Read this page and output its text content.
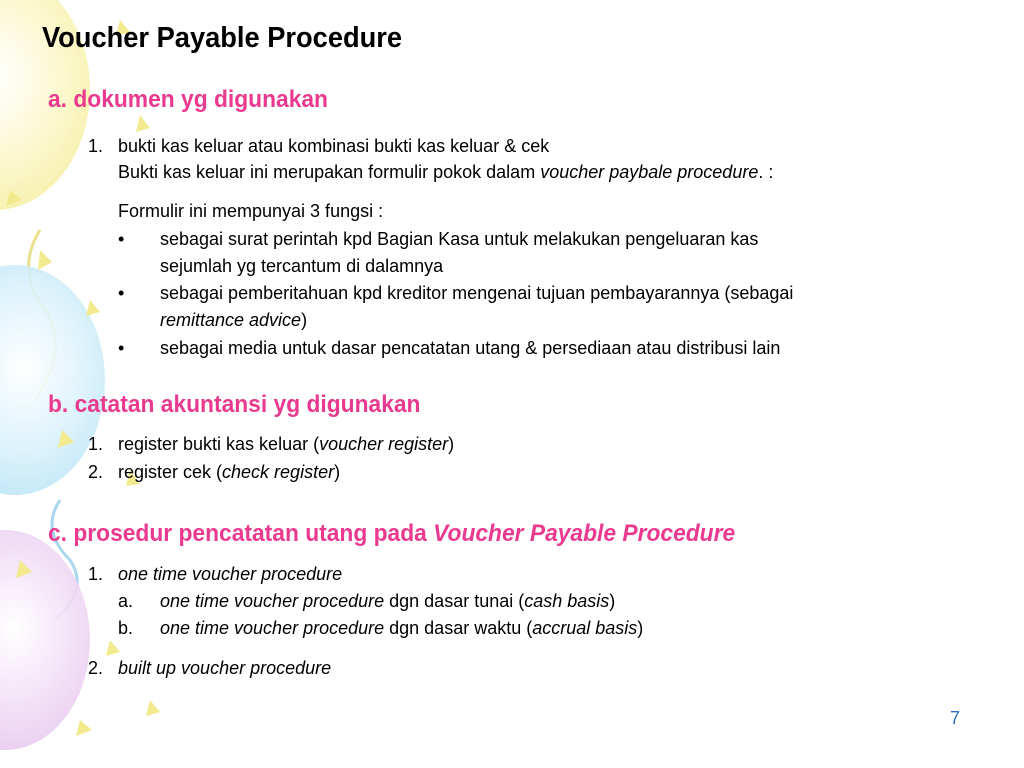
Voucher Payable Procedure
a. dokumen yg digunakan
1. bukti kas keluar atau kombinasi bukti kas keluar & cek
Bukti kas keluar ini merupakan formulir pokok dalam voucher paybale procedure. :
Formulir ini mempunyai 3 fungsi :
• sebagai surat perintah kpd Bagian Kasa untuk melakukan pengeluaran kas
sejumlah yg tercantum di dalamnya
• sebagai pemberitahuan kpd kreditor mengenai tujuan pembayarannya (sebagai
remittance advice)
• sebagai media untuk dasar pencatatan utang & persediaan atau distribusi lain
b. catatan akuntansi yg digunakan
1. register bukti kas keluar (voucher register)
2. register cek (check register)
c. prosedur pencatatan utang pada Voucher Payable Procedure
1. one time voucher procedure
a. one time voucher procedure dgn dasar tunai (cash basis)
b. one time voucher procedure dgn dasar waktu (accrual basis)
2. built up voucher procedure
7
